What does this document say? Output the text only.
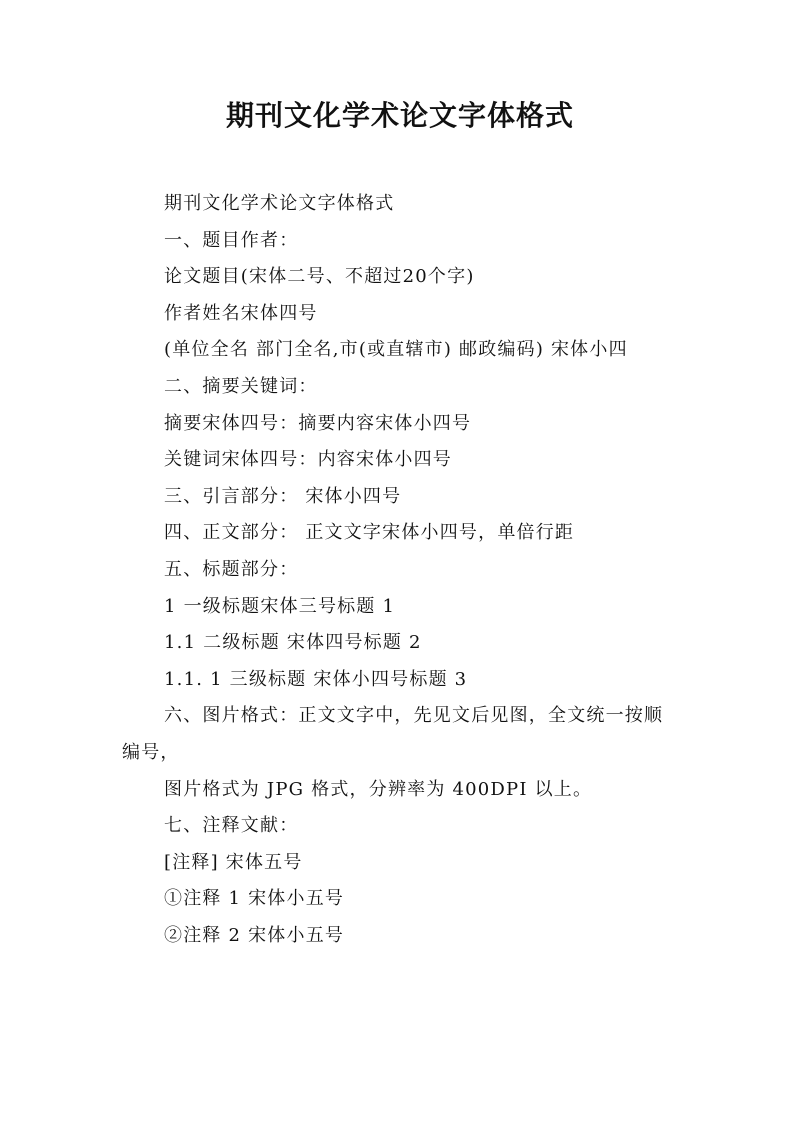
期刊文化学术论文字体格式

期刊文化学术论文字体格式

一、题目作者：

论文题目(宋体二号、不超过20个字)

作者姓名宋体四号

(单位全名 部门全名,市(或直辖市) 邮政编码) 宋体小四

二、摘要关键词：

摘要宋体四号：摘要内容宋体小四号

关键词宋体四号：内容宋体小四号

三、引言部分： 宋体小四号

四、正文部分： 正文文字宋体小四号，单倍行距

五、标题部分：

1 一级标题宋体三号标题 1

1.1 二级标题 宋体四号标题 2

1.1. 1 三级标题 宋体小四号标题 3

六、图片格式：正文文字中，先见文后见图，全文统一按顺编号，

图片格式为 JPG 格式，分辨率为 400DPI 以上。

七、注释文献：

[注释] 宋体五号

①注释 1 宋体小五号

②注释 2 宋体小五号
